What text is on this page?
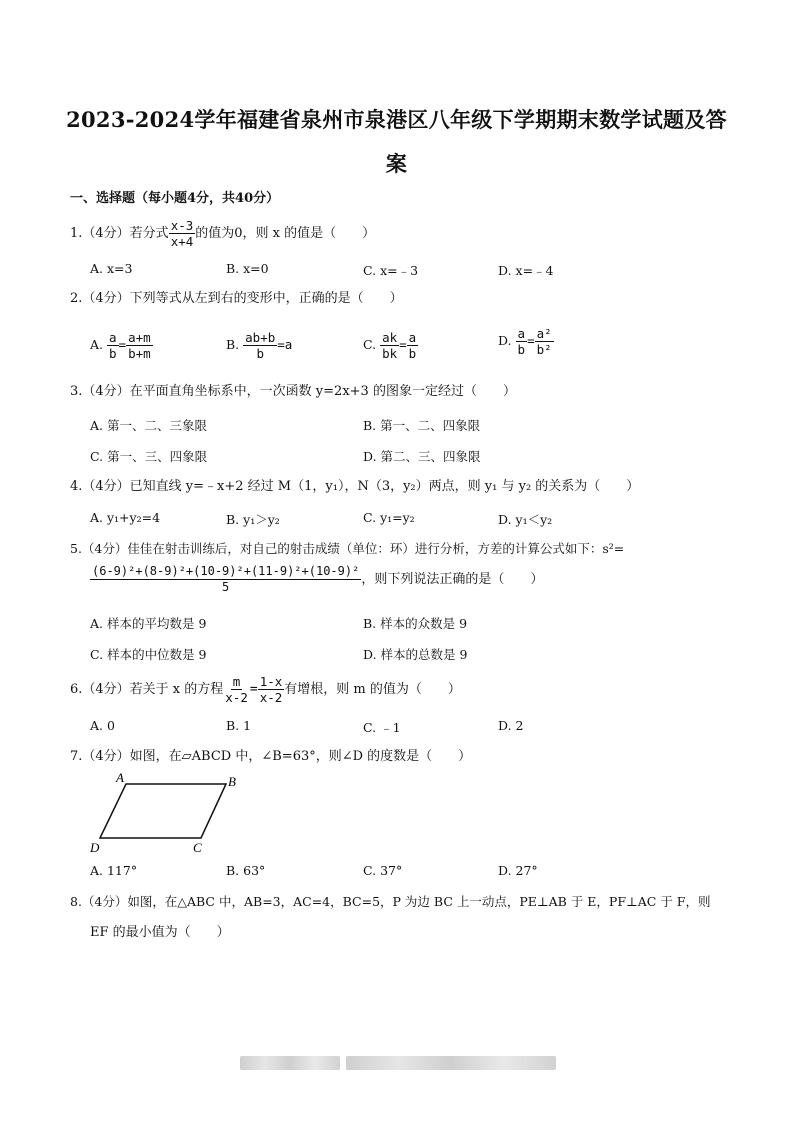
2023-2024学年福建省泉州市泉港区八年级下学期期末数学试题及答
案
一、选择题（每小题4分，共40分）
1.（4分）若分式 $\frac{x-3}{x+4}$ 的值为0，则 x 的值是（　　）
A. x=3	B. x=0	C. x=﹣3	D. x=﹣4
2.（4分）下列等式从左到右的变形中，正确的是（　　）
A. $\frac{a}{b} = \frac{a+m}{b+m}$	B. $\frac{ab+b}{b} =a$	C. $\frac{ak}{bk} = \frac{a}{b}$	D. $\frac{a}{b} = \frac{\text{a²}}{\text{b²}}$
3.（4分）在平面直角坐标系中，一次函数 y=2x+3 的图象一定经过（　　）
A. 第一、二、三象限	B. 第一、二、四象限
C. 第一、三、四象限	D. 第二、三、四象限
4.（4分）已知直线 y=﹣x+2 经过 M（1，y₁），N（3，y₂）两点，则 y₁ 与 y₂ 的关系为（　　）
A. y₁+y₂=4	B. y₁＞y₂	C. y₁=y₂	D. y₁＜y₂
5.（4分）佳佳在射击训练后，对自己的射击成绩（单位：环）进行分析，方差的计算公式如下：s²=
$\frac{\text{(6-9)²+(8-9)²+(10-9)²+(11-9)²+(10-9)²}}{5}$ ，则下列说法正确的是（　　）
A. 样本的平均数是 9	B. 样本的众数是 9
C. 样本的中位数是 9	D. 样本的总数是 9
6.（4分）若关于 x 的方程 $\frac{m}{x-2} = \frac{1-x}{x-2}$ 有增根，则 m 的值为（　　）
A. 0	B. 1	C. ﹣1	D. 2
7.（4分）如图，在▱ABCD 中，∠B=63°，则∠D 的度数是（　　）
A	B
C
D
A. 117°	B. 63°	C. 37°	D. 27°
8.（4分）如图，在△ABC 中，AB=3，AC=4，BC=5，P 为边 BC 上一动点，PE⊥AB 于 E，PF⊥AC 于 F，则
EF 的最小值为（　　）
